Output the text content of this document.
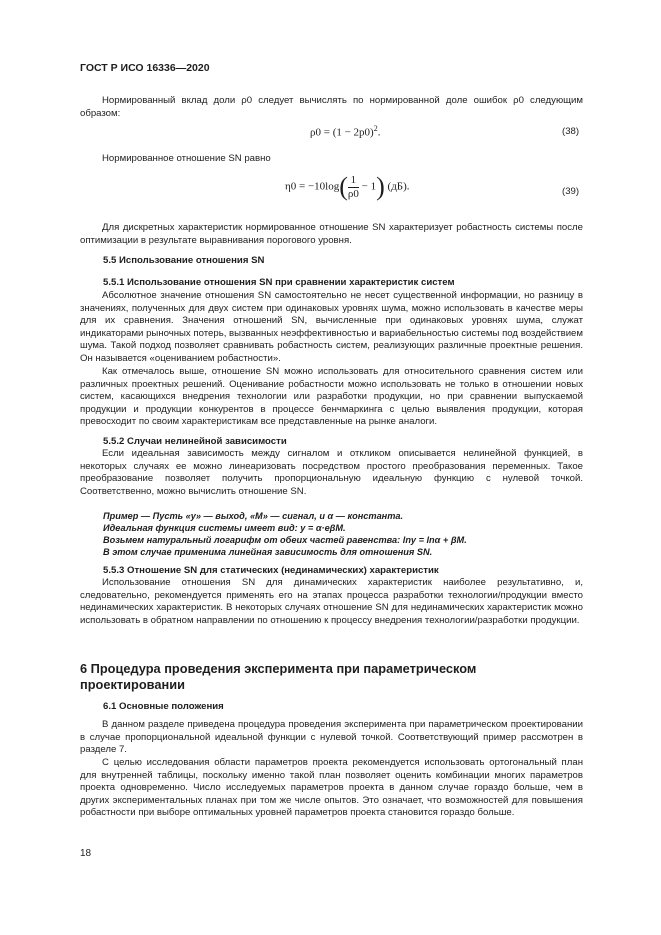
ГОСТ Р ИСО 16336—2020

Нормированный вклад доли ρ0 следует вычислять по нормированной доле ошибок ρ0 следующим образом:

$\rho 0 = (1 - 2p0)^2$.	(38)

Нормированное отношение SN равно

$\eta 0 = -10\log( \frac{1}{\rho 0} - 1)$ (дБ).	(39)

Для дискретных характеристик нормированное отношение SN характеризует робастность системы после оптимизации в результате выравнивания порогового уровня.

5.5 Использование отношения SN
5.5.1 Использование отношения SN при сравнении характеристик систем

Абсолютное значение отношения SN самостоятельно не несет существенной информации, но разницу в значениях, полученных для двух систем при одинаковых уровнях шума, можно использовать в качестве меры для их сравнения. Значения отношений SN, вычисленные при одинаковых уровнях шума, служат индикаторами рыночных потерь, вызванных неэффективностью и вариабельностью системы под воздействием шума. Такой подход позволяет сравнивать робастность систем, реализующих различные проектные решения. Он называется «оцениванием робастности».

Как отмечалось выше, отношение SN можно использовать для относительного сравнения систем или различных проектных решений. Оценивание робастности можно использовать не только в отношении новых систем, касающихся внедрения технологии или разработки продукции, но при сравнении выпускаемой продукции и продукции конкурентов в процессе бенчмаркинга с целью выявления продукции, которая превосходит по своим характеристикам все представленные на рынке аналоги.

5.5.2 Случаи нелинейной зависимости

Если идеальная зависимость между сигналом и откликом описывается нелинейной функцией, в некоторых случаях ее можно линеаризовать посредством простого преобразования переменных. Такое преобразование позволяет получить пропорциональную идеальную функцию с нулевой точкой. Соответственно, можно вычислить отношение SN.

Пример — Пусть «y» — выход, «M» — сигнал, и α — константа.
Идеальная функция системы имеет вид: y = α·eβM.
Возьмем натуральный логарифм от обеих частей равенства: lny = lnα + βM.
В этом случае применима линейная зависимость для отношения SN.
5.5.3 Отношение SN для статических (нединамических) характеристик

Использование отношения SN для динамических характеристик наиболее результативно, и, следовательно, рекомендуется применять его на этапах процесса разработки технологии/продукции вместо нединамических характеристик. В некоторых случаях отношение SN для нединамических характеристик можно использовать в обратном направлении по отношению к процессу внедрения технологии/разработки продукции.

6 Процедура проведения эксперимента при параметрическом проектировании
6.1 Основные положения

В данном разделе приведена процедура проведения эксперимента при параметрическом проектировании в случае пропорциональной идеальной функции с нулевой точкой. Соответствующий пример рассмотрен в разделе 7.

С целью исследования области параметров проекта рекомендуется использовать ортогональный план для внутренней таблицы, поскольку именно такой план позволяет оценить комбинации многих параметров проекта одновременно. Число исследуемых параметров проекта в данном случае гораздо больше, чем в других экспериментальных планах при том же числе опытов. Это означает, что возможностей для повышения робастности при выборе оптимальных уровней параметров проекта становится гораздо больше.

18
